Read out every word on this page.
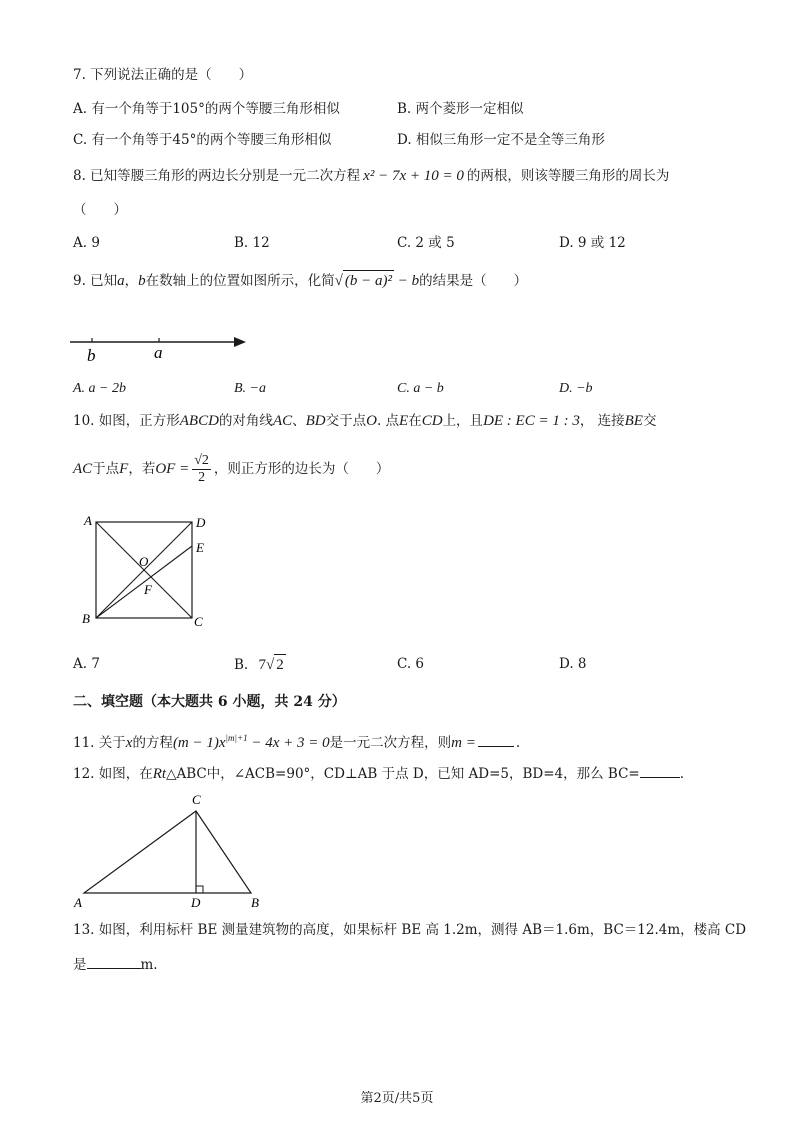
7. 下列说法正确的是（　　）
A. 有一个角等于105°的两个等腰三角形相似	B. 两个菱形一定相似
C. 有一个角等于45°的两个等腰三角形相似	D. 相似三角形一定不是全等三角形
8. 已知等腰三角形的两边长分别是一元二次方程 x² − 7x + 10 = 0 的两根，则该等腰三角形的周长为
（　　）
A. 9	B. 12	C. 2 或 5	D. 9 或 12
9. 已知a，b在数轴上的位置如图所示，化简√ (b − a)² − b的结果是（　　）
b	a
A. a − 2b	B. −a	C. a − b	D. −b
10. 如图，正方形ABCD的对角线AC、BD交于点O. 点E在CD上，且DE : EC = 1 : 3， 连接BE交
AC于点F，若OF = $\frac{√2}{2}$ ，则正方形的边长为（　　）
A	D
E
O
F
B	C
A. 7	B. 7√ 2	C. 6	D. 8
二、填空题（本大题共 6 小题，共 24 分）
11. 关于x的方程$(m - 1)x^{|m|+1} - 4x + 3 = 0$是一元二次方程，则m =	.
12. 如图，在Rt△ABC中，∠ACB=90°，CD⊥AB 于点 D，已知 AD=5，BD=4，那么 BC=	.
C
A	D	B
13. 如图，利用标杆 BE 测量建筑物的高度，如果标杆 BE 高 1.2m，测得 AB＝1.6m，BC＝12.4m，楼高 CD
是	m.
第2页/共5页
